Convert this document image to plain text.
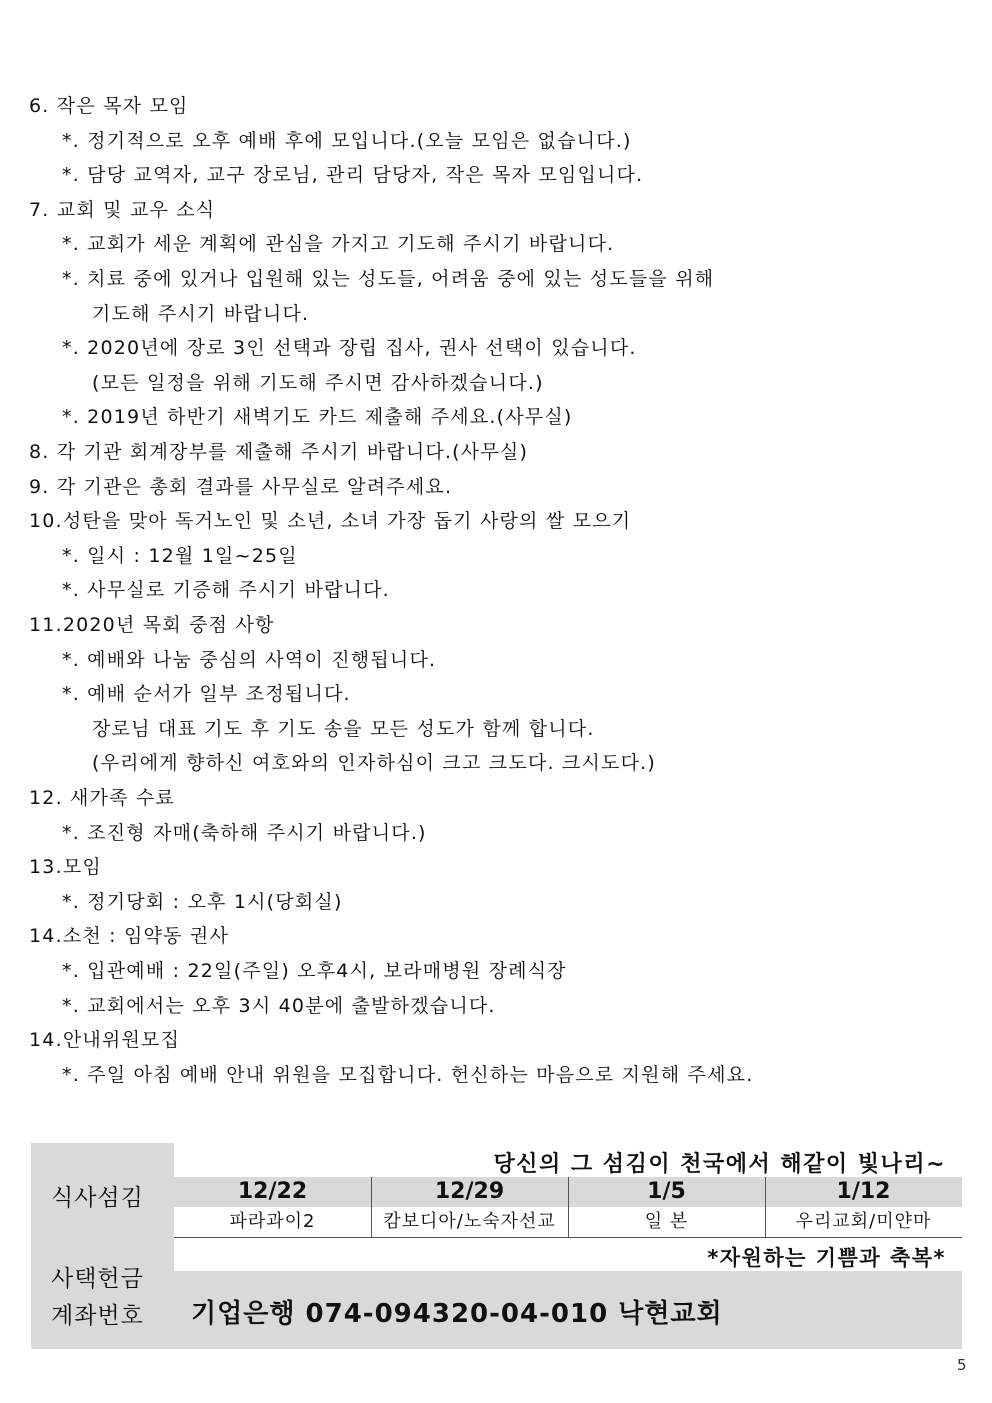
6. 작은 목자 모임
*. 정기적으로 오후 예배 후에 모입니다.(오늘 모임은 없습니다.)
*. 담당 교역자, 교구 장로님, 관리 담당자, 작은 목자 모임입니다.
7. 교회 및 교우 소식
*. 교회가 세운 계획에 관심을 가지고 기도해 주시기 바랍니다.
*. 치료 중에 있거나 입원해 있는 성도들, 어려움 중에 있는 성도들을 위해
기도해 주시기 바랍니다.
*. 2020년에 장로 3인 선택과 장립 집사, 권사 선택이 있습니다.
(모든 일정을 위해 기도해 주시면 감사하겠습니다.)
*. 2019년 하반기 새벽기도 카드 제출해 주세요.(사무실)
8. 각 기관 회계장부를 제출해 주시기 바랍니다.(사무실)
9. 각 기관은 총회 결과를 사무실로 알려주세요.
10.성탄을 맞아 독거노인 및 소년, 소녀 가장 돕기 사랑의 쌀 모으기
*. 일시 : 12월 1일~25일
*. 사무실로 기증해 주시기 바랍니다.
11.2020년 목회 중점 사항
*. 예배와 나눔 중심의 사역이 진행됩니다.
*. 예배 순서가 일부 조정됩니다.
장로님 대표 기도 후 기도 송을 모든 성도가 함께 합니다.
(우리에게 향하신 여호와의 인자하심이 크고 크도다. 크시도다.)
12. 새가족 수료
*. 조진형 자매(축하해 주시기 바랍니다.)
13.모임
*. 정기당회 : 오후 1시(당회실)
14.소천 : 임약동 권사
*. 입관예배 : 22일(주일) 오후4시, 보라매병원 장례식장
*. 교회에서는 오후 3시 40분에 출발하겠습니다.
14.안내위원모집
*. 주일 아침 예배 안내 위원을 모집합니다. 헌신하는 마음으로 지원해 주세요.
식사섬김
사택헌금
계좌번호
당신의 그 섬김이 천국에서 해같이 빛나리~
12/22	12/29	1/5	1/12
파라과이2	캄보디아/노숙자선교	일 본	우리교회/미얀마
*자원하는 기쁨과 축복*
기업은행 074-094320-04-010 낙현교회
5
